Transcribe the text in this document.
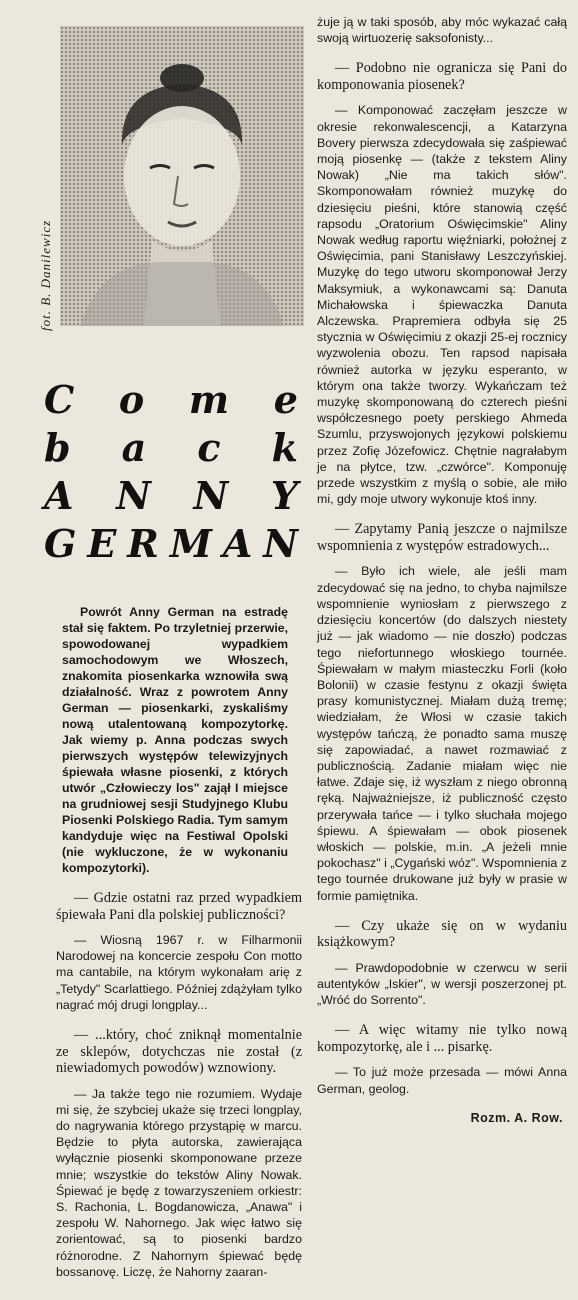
fot. B. Danilewicz
C o m e
b a c k
A N N Y
G E R M A N

Powrót Anny German na estradę stał się faktem. Po trzyletniej przerwie, spowodowanej wypadkiem samochodowym we Włoszech, znakomita piosenkarka wznowiła swą działalność. Wraz z powrotem Anny German — piosenkarki, zyskaliśmy nową utalentowaną kompozytorkę. Jak wiemy p. Anna podczas swych pierwszych występów telewizyjnych śpiewała własne piosenki, z których utwór „Człowieczy los" zajął I miejsce na grudniowej sesji Studyjnego Klubu Piosenki Polskiego Radia. Tym samym kandyduje więc na Festiwal Opolski (nie wykluczone, że w wykonaniu kompozytorki).

— Gdzie ostatni raz przed wypadkiem śpiewała Pani dla polskiej publiczności?

— Wiosną 1967 r. w Filharmonii Narodowej na koncercie zespołu Con motto ma cantabile, na którym wykonałam arię z „Tetydy" Scarlattiego. Później zdążyłam tylko nagrać mój drugi longplay...

— ...który, choć zniknął momentalnie ze sklepów, dotychczas nie został (z niewiadomych powodów) wznowiony.

— Ja także tego nie rozumiem. Wydaje mi się, że szybciej ukaże się trzeci longplay, do nagrywania którego przystąpię w marcu. Będzie to płyta autorska, zawierająca wyłącznie piosenki skomponowane przeze mnie; wszystkie do tekstów Aliny Nowak. Śpiewać je będę z towarzyszeniem orkiestr: S. Rachonia, L. Bogdanowicza, „Anawa" i zespołu W. Nahornego. Jak więc łatwo się zorientować, są to piosenki bardzo różnorodne. Z Nahornym śpiewać będę bossanovę. Liczę, że Nahorny zaaran-

żuje ją w taki sposób, aby móc wykazać całą swoją wirtuozerię saksofonisty...

— Podobno nie ogranicza się Pani do komponowania piosenek?

— Komponować zaczęłam jeszcze w okresie rekonwalescencji, a Katarzyna Bovery pierwsza zdecydowała się zaśpiewać moją piosenkę — (także z tekstem Aliny Nowak) „Nie ma takich słów". Skomponowałam również muzykę do dziesięciu pieśni, które stanowią część rapsodu „Oratorium Oświęcimskie" Aliny Nowak według raportu więźniarki, położnej z Oświęcimia, pani Stanisławy Leszczyńskiej. Muzykę do tego utworu skomponował Jerzy Maksymiuk, a wykonawcami są: Danuta Michałowska i śpiewaczka Danuta Alczewska. Prapremiera odbyła się 25 stycznia w Oświęcimiu z okazji 25-ej rocznicy wyzwolenia obozu. Ten rapsod napisała również autorka w języku esperanto, w którym ona także tworzy. Wykańczam też muzykę skomponowaną do czterech pieśni współczesnego poety perskiego Ahmeda Szumlu, przyswojonych językowi polskiemu przez Zofię Józefowicz. Chętnie nagrałabym je na płytce, tzw. „czwórce". Komponuję przede wszystkim z myślą o sobie, ale miło mi, gdy moje utwory wykonuje ktoś inny.

— Zapytamy Panią jeszcze o najmilsze wspomnienia z występów estradowych...

— Było ich wiele, ale jeśli mam zdecydować się na jedno, to chyba najmilsze wspomnienie wyniosłam z pierwszego z dziesięciu koncertów (do dalszych niestety już — jak wiadomo — nie doszło) podczas tego niefortunnego włoskiego tournée. Śpiewałam w małym miasteczku Forli (koło Bolonii) w czasie festynu z okazji święta prasy komunistycznej. Miałam dużą tremę; wiedziałam, że Włosi w czasie takich występów tańczą, że ponadto sama muszę się zapowiadać, a nawet rozmawiać z publicznością. Zadanie miałam więc nie łatwe. Zdaje się, iż wyszłam z niego obronną ręką. Najważniejsze, iż publiczność często przerywała tańce — i tylko słuchała mojego śpiewu. A śpiewałam — obok piosenek włoskich — polskie, m.in. „A jeżeli mnie pokochasz" i „Cygański wóz". Wspomnienia z tego tournée drukowane już były w prasie w formie pamiętnika.

— Czy ukaże się on w wydaniu książkowym?

— Prawdopodobnie w czerwcu w serii autentyków „Iskier", w wersji poszerzonej pt. „Wróć do Sorrento".

— A więc witamy nie tylko nową kompozytorkę, ale i ... pisarkę.

— To już może przesada — mówi Anna German, geolog.

Rozm. A. Row.
